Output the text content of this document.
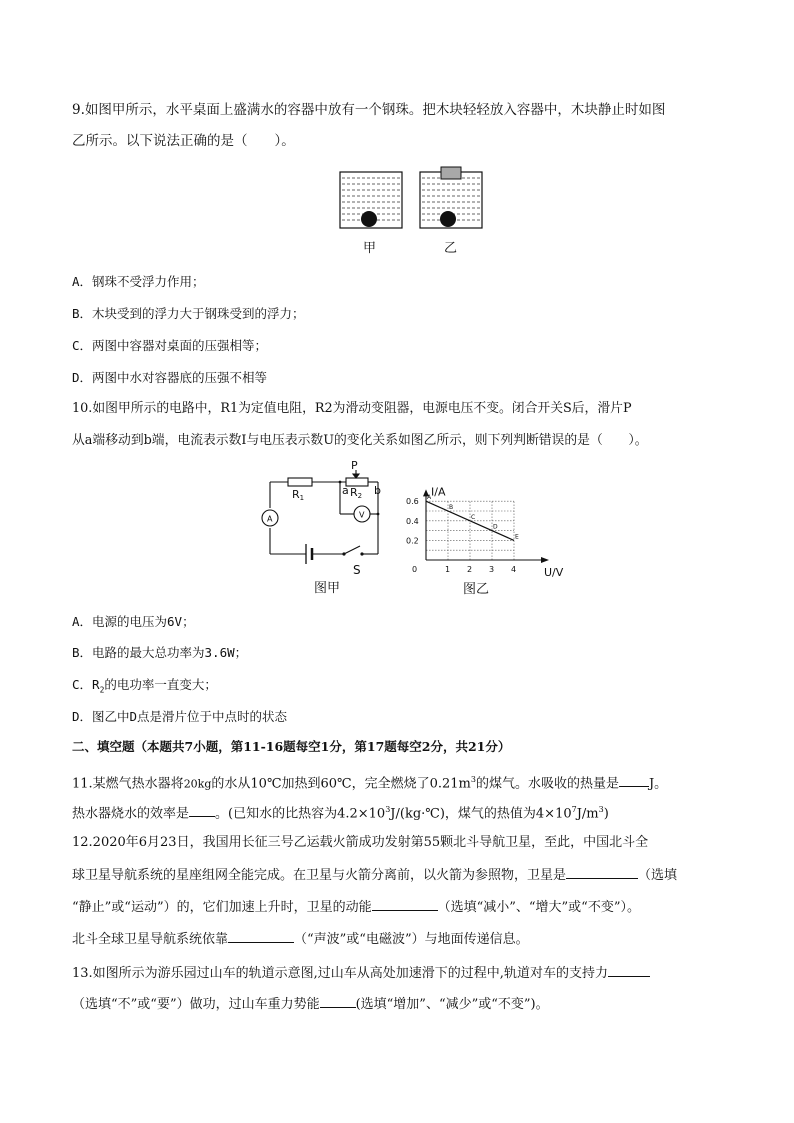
9.如图甲所示，水平桌面上盛满水的容器中放有一个钢珠。把木块轻轻放入容器中，木块静止时如图
乙所示。以下说法正确的是（　　）。
甲	乙
A．钢珠不受浮力作用；
B．木块受到的浮力大于钢珠受到的浮力；
C．两图中容器对桌面的压强相等；
D．两图中水对容器底的压强不相等
10.如图甲所示的电路中，R1为定值电阻，R2为滑动变阻器，电源电压不变。闭合开关S后，滑片P
从a端移动到b端，电流表示数I与电压表示数U的变化关系如图乙所示，则下列判断错误的是（　　）。
R1	R2
P
a b
A	V
S
图甲
I/A
U/V
0	1 2 3 4
0.2
0.4
0.6 A
B
C
D
E
图乙
A．电源的电压为6V；
B．电路的最大总功率为3.6W；
C．$R_2$的电功率一直变大；
D．图乙中D点是滑片位于中点时的状态
二、填空题（本题共7小题，第11-16题每空1分，第17题每空2分，共21分）
11.某燃气热水器将20kg的水从10℃加热到60℃，完全燃烧了$0.21m^3$的煤气。水吸收的热量是 J。
热水器烧水的效率是 。(已知水的比热容为$4.2\times 10^3J/(kg\cdot℃)$，煤气的热值为$4\times 10^7J/m^3$)
12.2020年6月23日，我国用长征三号乙运载火箭成功发射第55颗北斗导航卫星，至此，中国北斗全
球卫星导航系统的星座组网全能完成。在卫星与火箭分离前，以火箭为参照物，卫星是	（选填
“静止”或“运动”）的，它们加速上升时，卫星的动能	（选填“减小”、“增大”或“不变”）。
北斗全球卫星导航系统依靠	（“声波”或“电磁波”）与地面传递信息。
13.如图所示为游乐园过山车的轨道示意图,过山车从高处加速滑下的过程中,轨道对车的支持力
（选填“不”或“要”）做功，过山车重力势能	(选填“增加”、“减少”或“不变”)。
